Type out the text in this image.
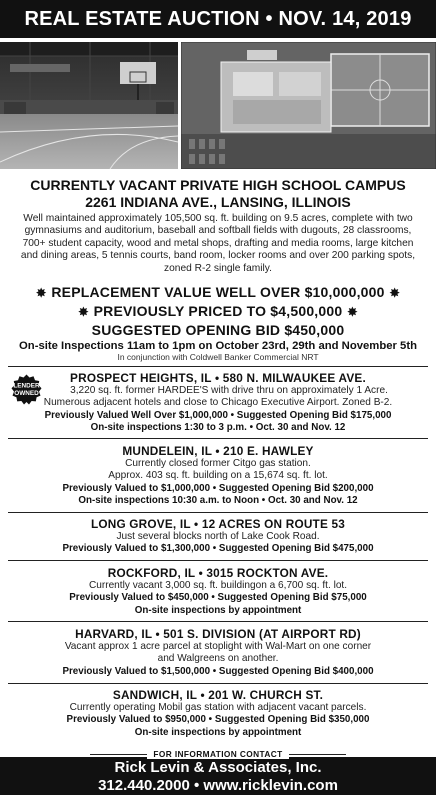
REAL ESTATE AUCTION • NOV. 14, 2019
CURRENTLY VACANT PRIVATE HIGH SCHOOL CAMPUS
2261 INDIANA AVE., LANSING, ILLINOIS
Well maintained approximately 105,500 sq. ft. building on 9.5 acres, complete with two gymnasiums and auditorium, baseball and softball fields with dugouts, 28 classrooms, 700+ student capacity, wood and metal shops, drafting and media rooms, large kitchen and dining areas, 5 tennis courts, band room, locker rooms and over 200 parking spots, zoned R-2 single family.
✸ REPLACEMENT VALUE WELL OVER $10,000,000 ✸
✸ PREVIOUSLY PRICED TO $4,500,000 ✸
SUGGESTED OPENING BID $450,000
On-site Inspections 11am to 1pm on October 23rd, 29th and November 5th
In conjunction with Coldwell Banker Commercial NRT
LENDER
OWNED
PROSPECT HEIGHTS, IL • 580 N. MILWAUKEE AVE.
3,220 sq. ft. former HARDEE'S with drive thru on approximately 1 Acre.
Numerous adjacent hotels and close to Chicago Executive Airport. Zoned B-2.
Previously Valued Well Over $1,000,000 • Suggested Opening Bid $175,000
On-site inspections 1:30 to 3 p.m. • Oct. 30 and Nov. 12
MUNDELEIN, IL • 210 E. HAWLEY
Currently closed former Citgo gas station.
Approx. 403 sq. ft. building on a 15,674 sq. ft. lot.
Previously Valued to $1,000,000 • Suggested Opening Bid $200,000
On-site inspections 10:30 a.m. to Noon • Oct. 30 and Nov. 12
LONG GROVE, IL • 12 ACRES ON ROUTE 53
Just several blocks north of Lake Cook Road.
Previously Valued to $1,300,000 • Suggested Opening Bid $475,000
ROCKFORD, IL • 3015 ROCKTON AVE.
Currently vacant 3,000 sq. ft. buildingon a 6,700 sq. ft. lot.
Previously Valued to $450,000 • Suggested Opening Bid $75,000
On-site inspections by appointment
HARVARD, IL • 501 S. DIVISION (AT AIRPORT RD)
Vacant approx 1 acre parcel at stoplight with Wal-Mart on one corner
and Walgreens on another.
Previously Valued to $1,500,000 • Suggested Opening Bid $400,000
SANDWICH, IL • 201 W. CHURCH ST.
Currently operating Mobil gas station with adjacent vacant parcels.
Previously Valued to $950,000 • Suggested Opening Bid $350,000
On-site inspections by appointment
FOR INFORMATION CONTACT
Rick Levin & Associates, Inc.
312.440.2000 • www.ricklevin.com
